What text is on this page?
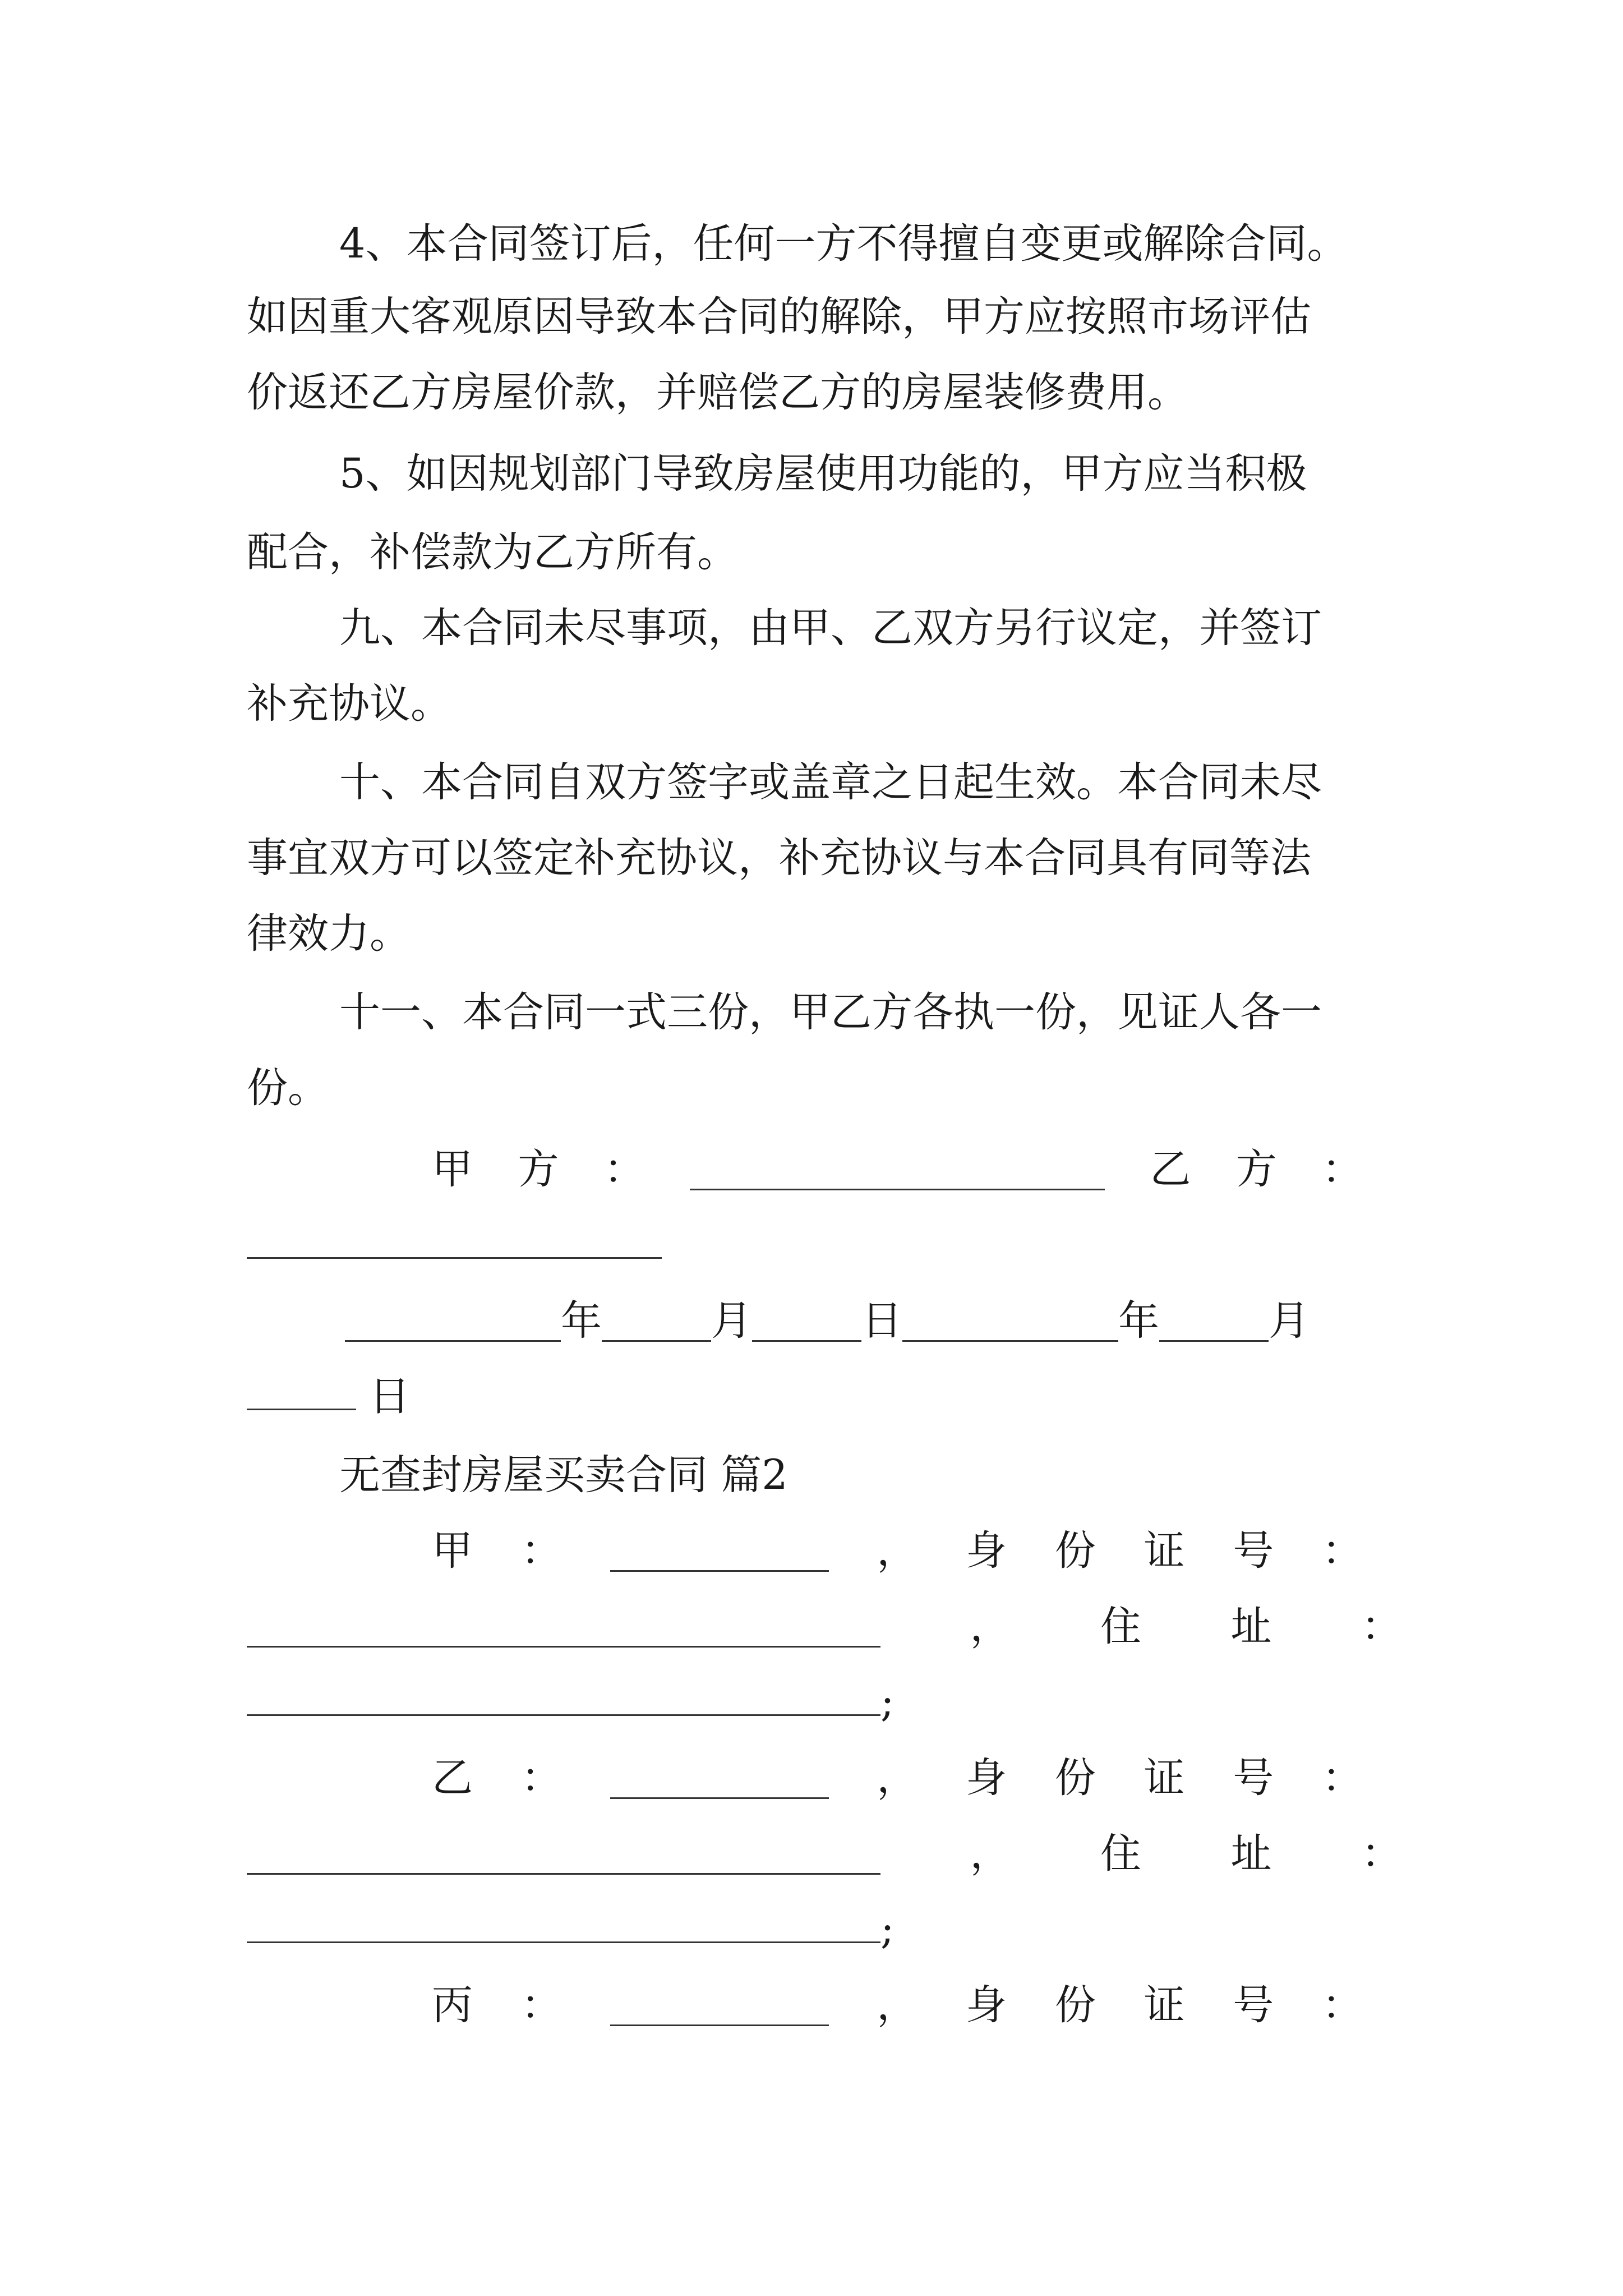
4、本合同签订后，任何一方不得擅自变更或解除合同。
如因重大客观原因导致本合同的解除，甲方应按照市场评估
价返还乙方房屋价款，并赔偿乙方的房屋装修费用。
5、如因规划部门导致房屋使用功能的，甲方应当积极
配合，补偿款为乙方所有。
九、本合同未尽事项，由甲、乙双方另行议定，并签订
补充协议。
十、本合同自双方签字或盖章之日起生效。本合同未尽
事宜双方可以签定补充协议，补充协议与本合同具有同等法
律效力。
十一、本合同一式三份，甲乙方各执一份，见证人各一
份。
甲 方 ：	乙 方 ：
年	月	日	年	月
日
无查封房屋买卖合同 篇2
甲 ：	， 身 份 证 号 ：
， 住 址 ：
;
乙 ：	， 身 份 证 号 ：
， 住 址 ：
;
丙 ：	， 身 份 证 号 ：
